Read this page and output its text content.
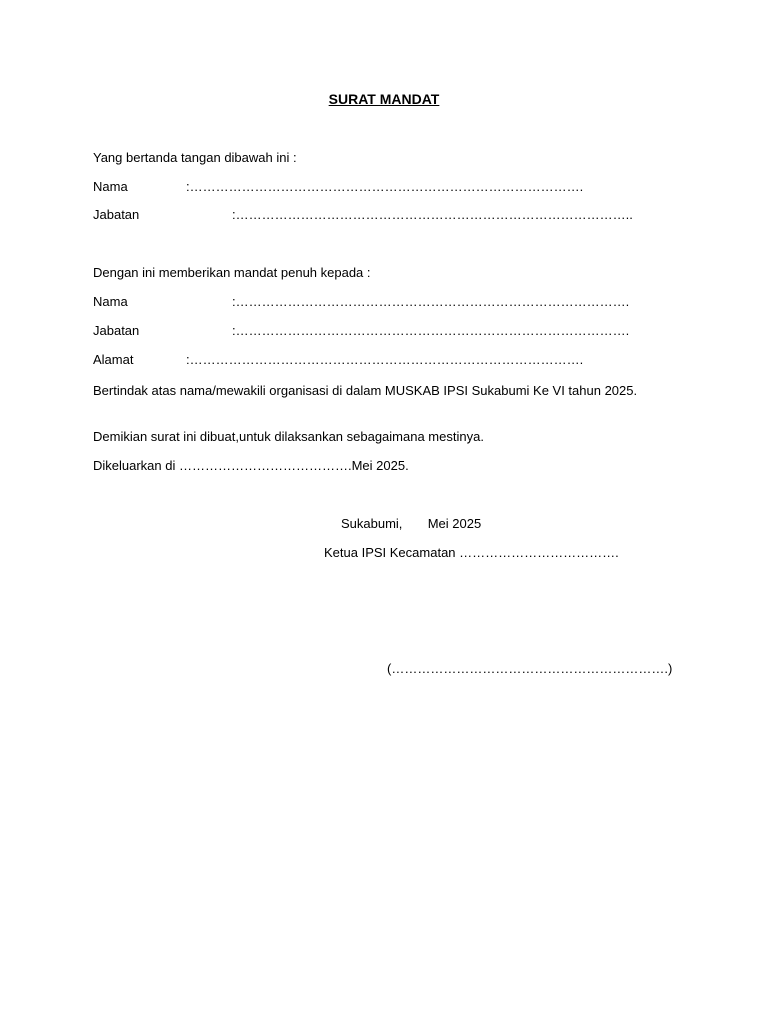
SURAT MANDAT
Yang bertanda tangan dibawah ini :
Nama	:……………………………………………………………………………….
Jabatan	:………………………………………………………………………………..
Dengan ini memberikan mandat penuh kepada :
Nama	:……………………………………………………………………………….
Jabatan	:……………………………………………………………………………….
Alamat	:……………………………………………………………………………….
Bertindak atas nama/mewakili organisasi di dalam MUSKAB IPSI Sukabumi Ke VI tahun 2025.
Demikian surat ini dibuat,untuk dilaksankan sebagaimana mestinya.
Dikeluarkan di ………………………………….Mei 2025.
Sukabumi,       Mei 2025
Ketua IPSI Kecamatan ……………………………….
(……………………………………………………….)
